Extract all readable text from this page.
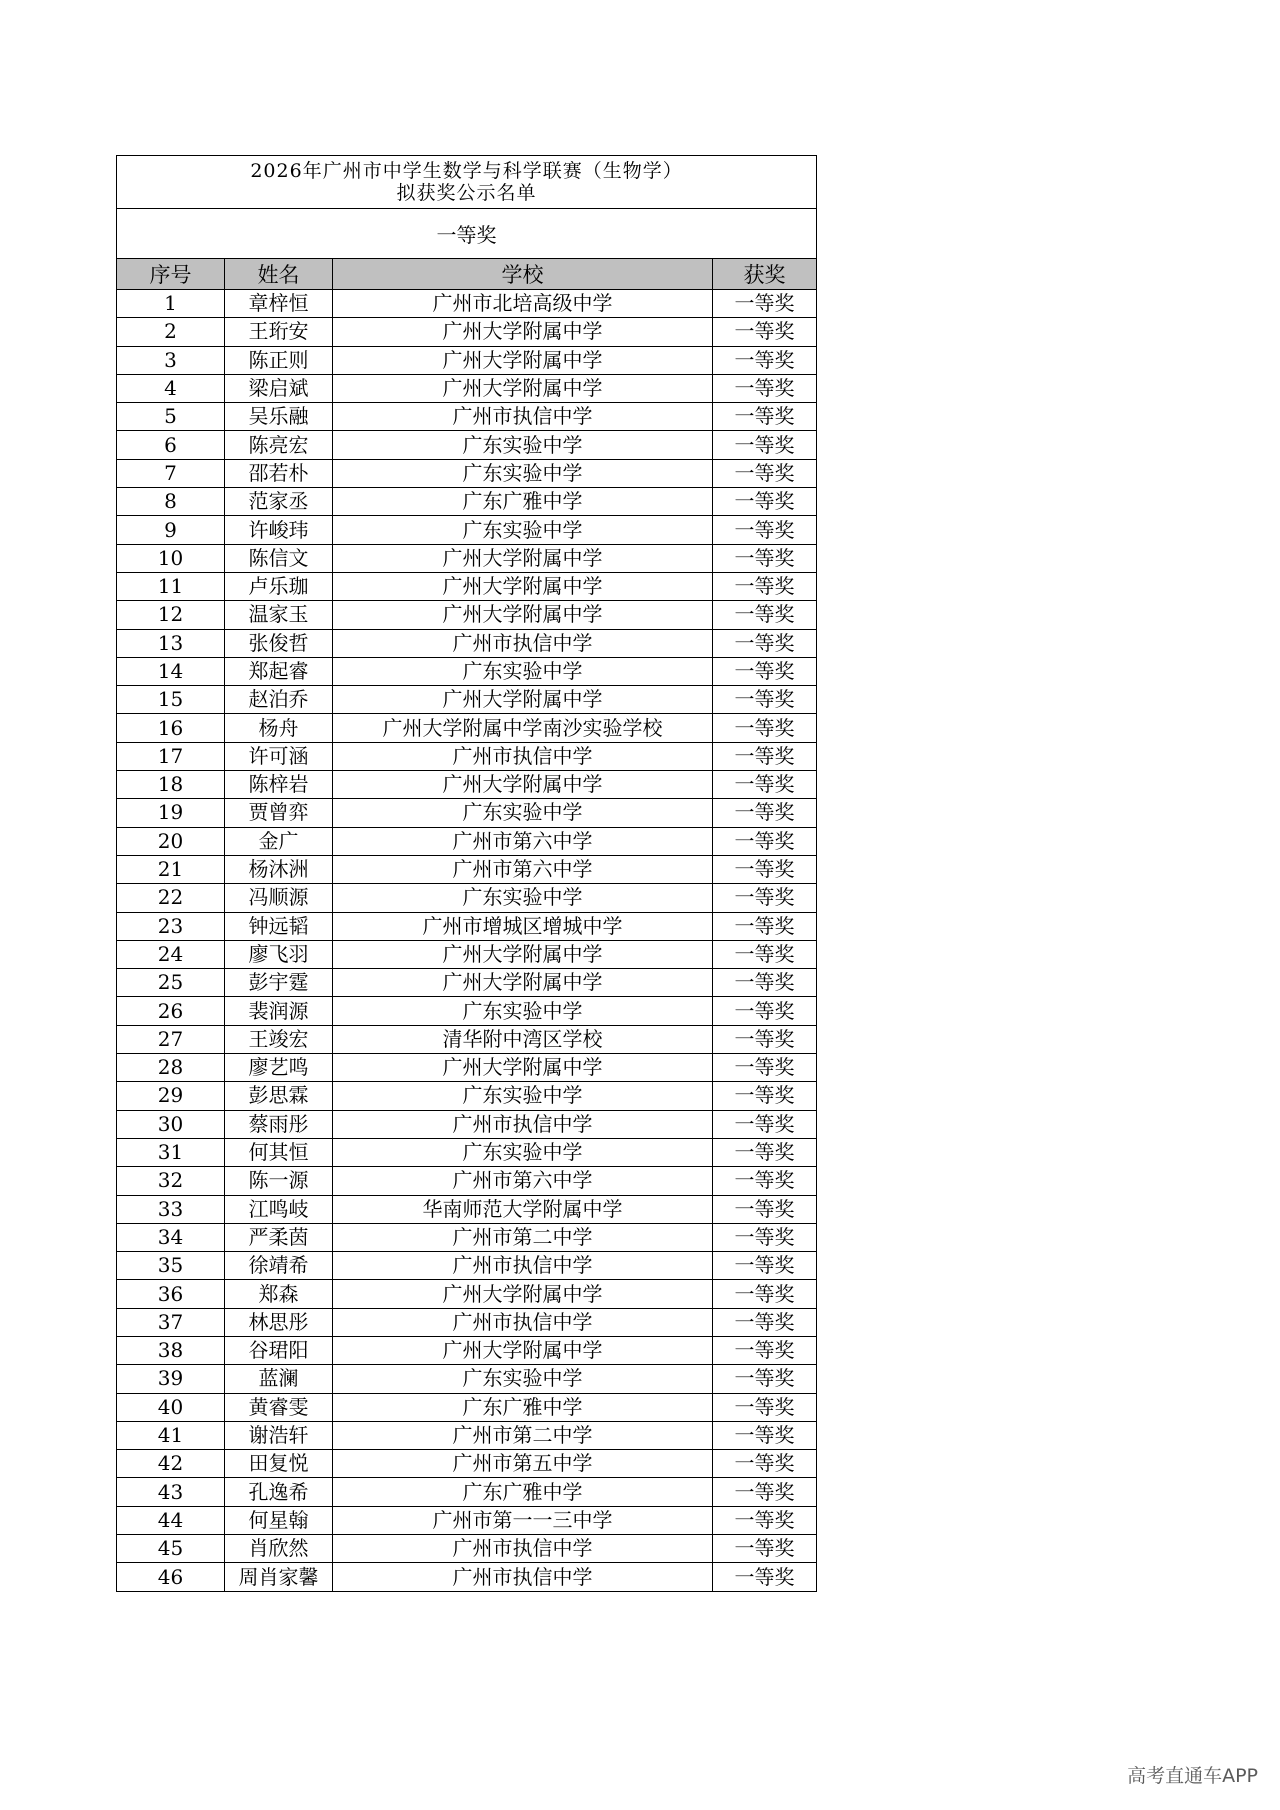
2026年广州市中学生数学与科学联赛（生物学）
拟获奖公示名单			

一等奖			
序号	姓名	学校	获奖
1	章梓恒	广州市北培高级中学	一等奖
2	王珩安	广州大学附属中学	一等奖
3	陈正则	广州大学附属中学	一等奖
4	梁启斌	广州大学附属中学	一等奖
5	吴乐融	广州市执信中学	一等奖
6	陈亮宏	广东实验中学	一等奖
7	邵若朴	广东实验中学	一等奖
8	范家丞	广东广雅中学	一等奖
9	许峻玮	广东实验中学	一等奖
10	陈信文	广州大学附属中学	一等奖
11	卢乐珈	广州大学附属中学	一等奖
12	温家玉	广州大学附属中学	一等奖
13	张俊哲	广州市执信中学	一等奖
14	郑起睿	广东实验中学	一等奖
15	赵泊乔	广州大学附属中学	一等奖
16	杨舟	广州大学附属中学南沙实验学校	一等奖
17	许可涵	广州市执信中学	一等奖
18	陈梓岩	广州大学附属中学	一等奖
19	贾曾弈	广东实验中学	一等奖
20	金广	广州市第六中学	一等奖
21	杨沐洲	广州市第六中学	一等奖
22	冯顺源	广东实验中学	一等奖
23	钟远韬	广州市增城区增城中学	一等奖
24	廖飞羽	广州大学附属中学	一等奖
25	彭宇霆	广州大学附属中学	一等奖
26	裴润源	广东实验中学	一等奖
27	王竣宏	清华附中湾区学校	一等奖
28	廖艺鸣	广州大学附属中学	一等奖
29	彭思霖	广东实验中学	一等奖
30	蔡雨彤	广州市执信中学	一等奖
31	何其恒	广东实验中学	一等奖
32	陈一源	广州市第六中学	一等奖
33	江鸣岐	华南师范大学附属中学	一等奖
34	严柔茵	广州市第二中学	一等奖
35	徐靖希	广州市执信中学	一等奖
36	郑森	广州大学附属中学	一等奖
37	林思彤	广州市执信中学	一等奖
38	谷珺阳	广州大学附属中学	一等奖
39	蓝澜	广东实验中学	一等奖
40	黄睿雯	广东广雅中学	一等奖
41	谢浩轩	广州市第二中学	一等奖
42	田复悦	广州市第五中学	一等奖
43	孔逸希	广东广雅中学	一等奖
44	何星翰	广州市第一一三中学	一等奖
45	肖欣然	广州市执信中学	一等奖
46	周肖家馨	广州市执信中学	一等奖
高考直通车APP
